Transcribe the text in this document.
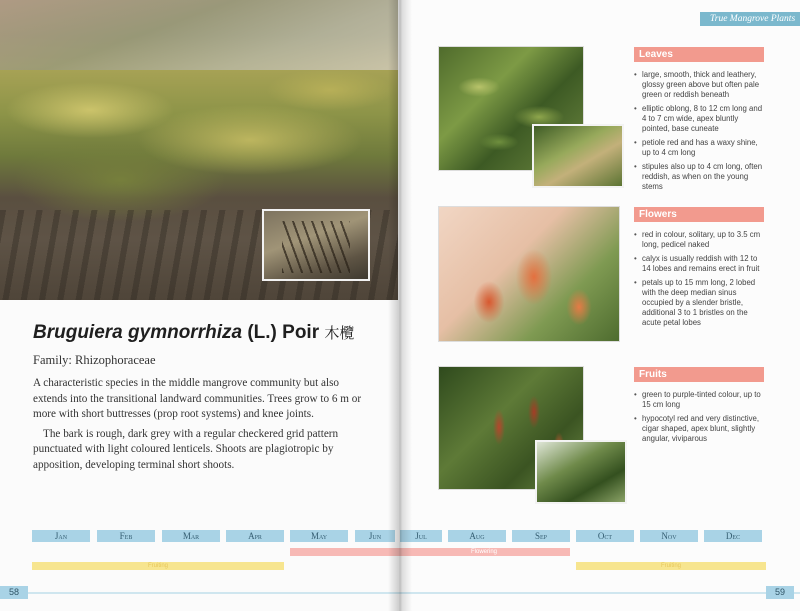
Bruguiera gymnorrhiza (L.) Poir 木欖
Family: Rhizophoraceae

A characteristic species in the middle mangrove community but also extends into the transitional landward communities. Trees grow to 6 m or more with short buttresses (prop root systems) and knee joints.

The bark is rough, dark grey with a regular checkered grid pattern punctuated with light coloured lenticels. Shoots are plagiotropic by apposition, developing terminal short shoots.

Jan	Feb	Mar	Apr	May	Jun
Fruiting
58
True Mangrove Plants
Leaves
• large, smooth, thick and leathery, glossy green above but often pale green or reddish beneath
• elliptic oblong, 8 to 12 cm long and 4 to 7 cm wide, apex bluntly pointed, base cuneate
• petiole red and has a waxy shine, up to 4 cm long
• stipules also up to 4 cm long, often reddish, as when on the young stems
Flowers
• red in colour, solitary, up to 3.5 cm long, pedicel naked
• calyx is usually reddish with 12 to 14 lobes and remains erect in fruit
• petals up to 15 mm long, 2 lobed with the deep median sinus occupied by a slender bristle, additional 3 to 1 bristles on the acute petal lobes
Fruits
• green to purple-tinted colour, up to 15 cm long
• hypocotyl red and very distinctive, cigar shaped, apex blunt, slightly angular, viviparous
Jul	Aug	Sep	Oct	Nov	Dec
Flowering
Fruiting
59
